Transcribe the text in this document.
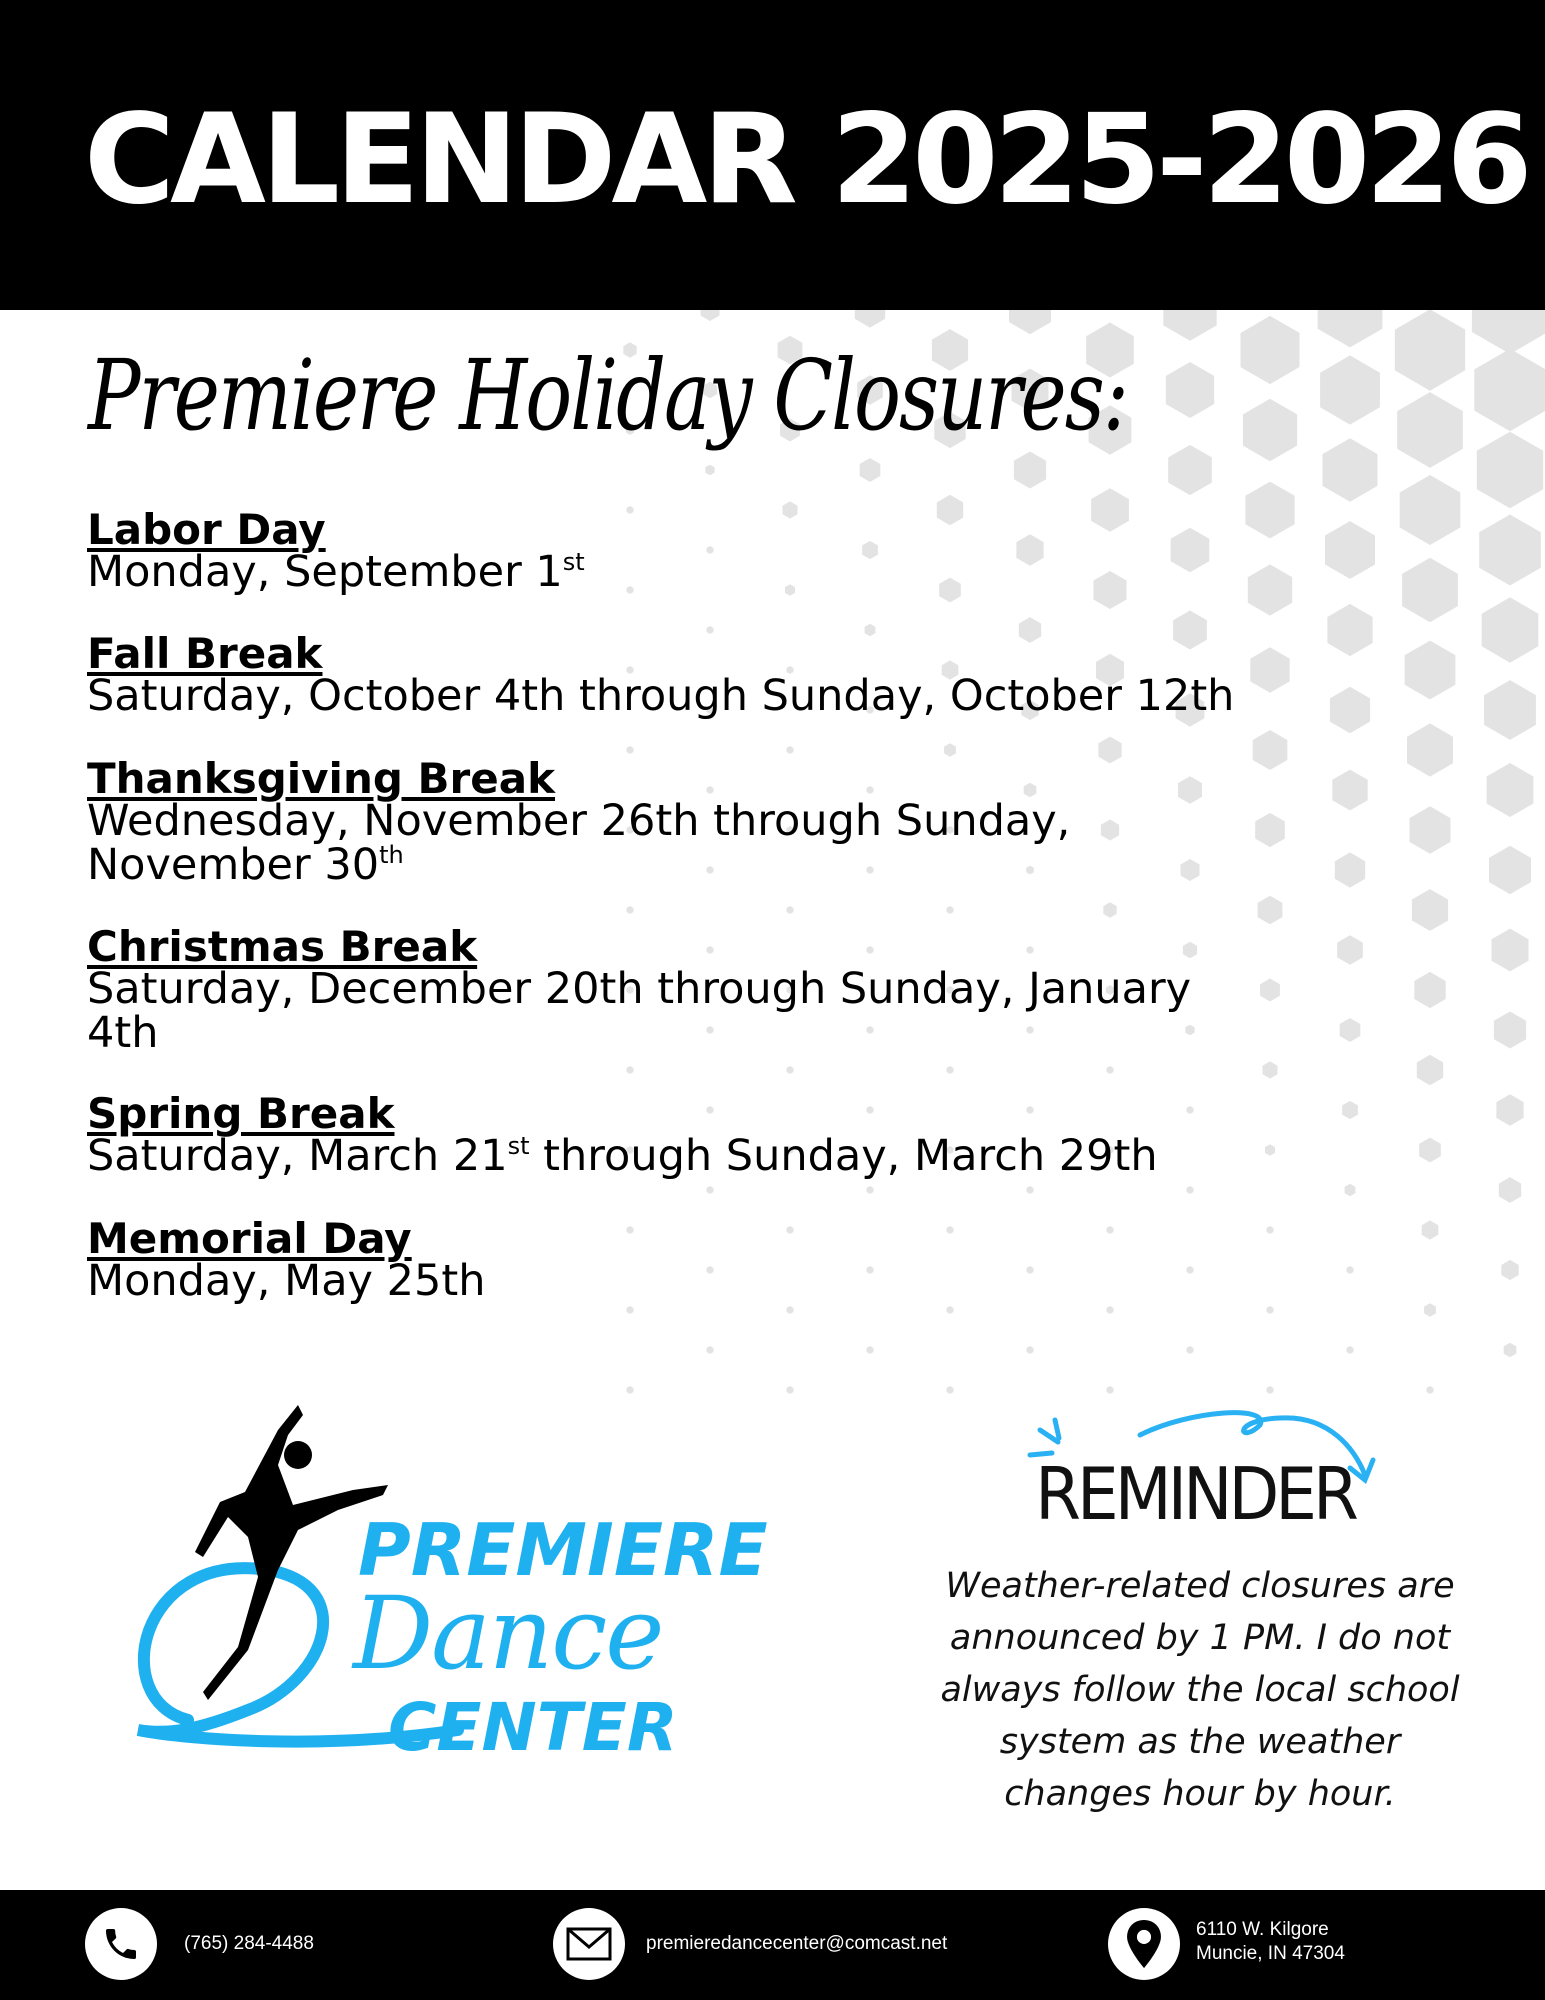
CALENDAR 2025-2026
Premiere Holiday Closures:
Labor Day

Monday, September 1st

Fall Break

Saturday, October 4th through Sunday, October 12th

Thanksgiving Break

Wednesday, November 26th through Sunday, November 30th

Christmas Break

Saturday, December 20th through Sunday, January 4th

Spring Break

Saturday, March 21st through Sunday, March 29th

Memorial Day

Monday, May 25th

PREMIERE
Dance
CENTER
REMINDER
Weather-related closures are announced by 1 PM. I do not always follow the local school system as the weather changes hour by hour.
(765) 284-4488	premieredancecenter@comcast.net
6110 W. Kilgore
Muncie, IN 47304
